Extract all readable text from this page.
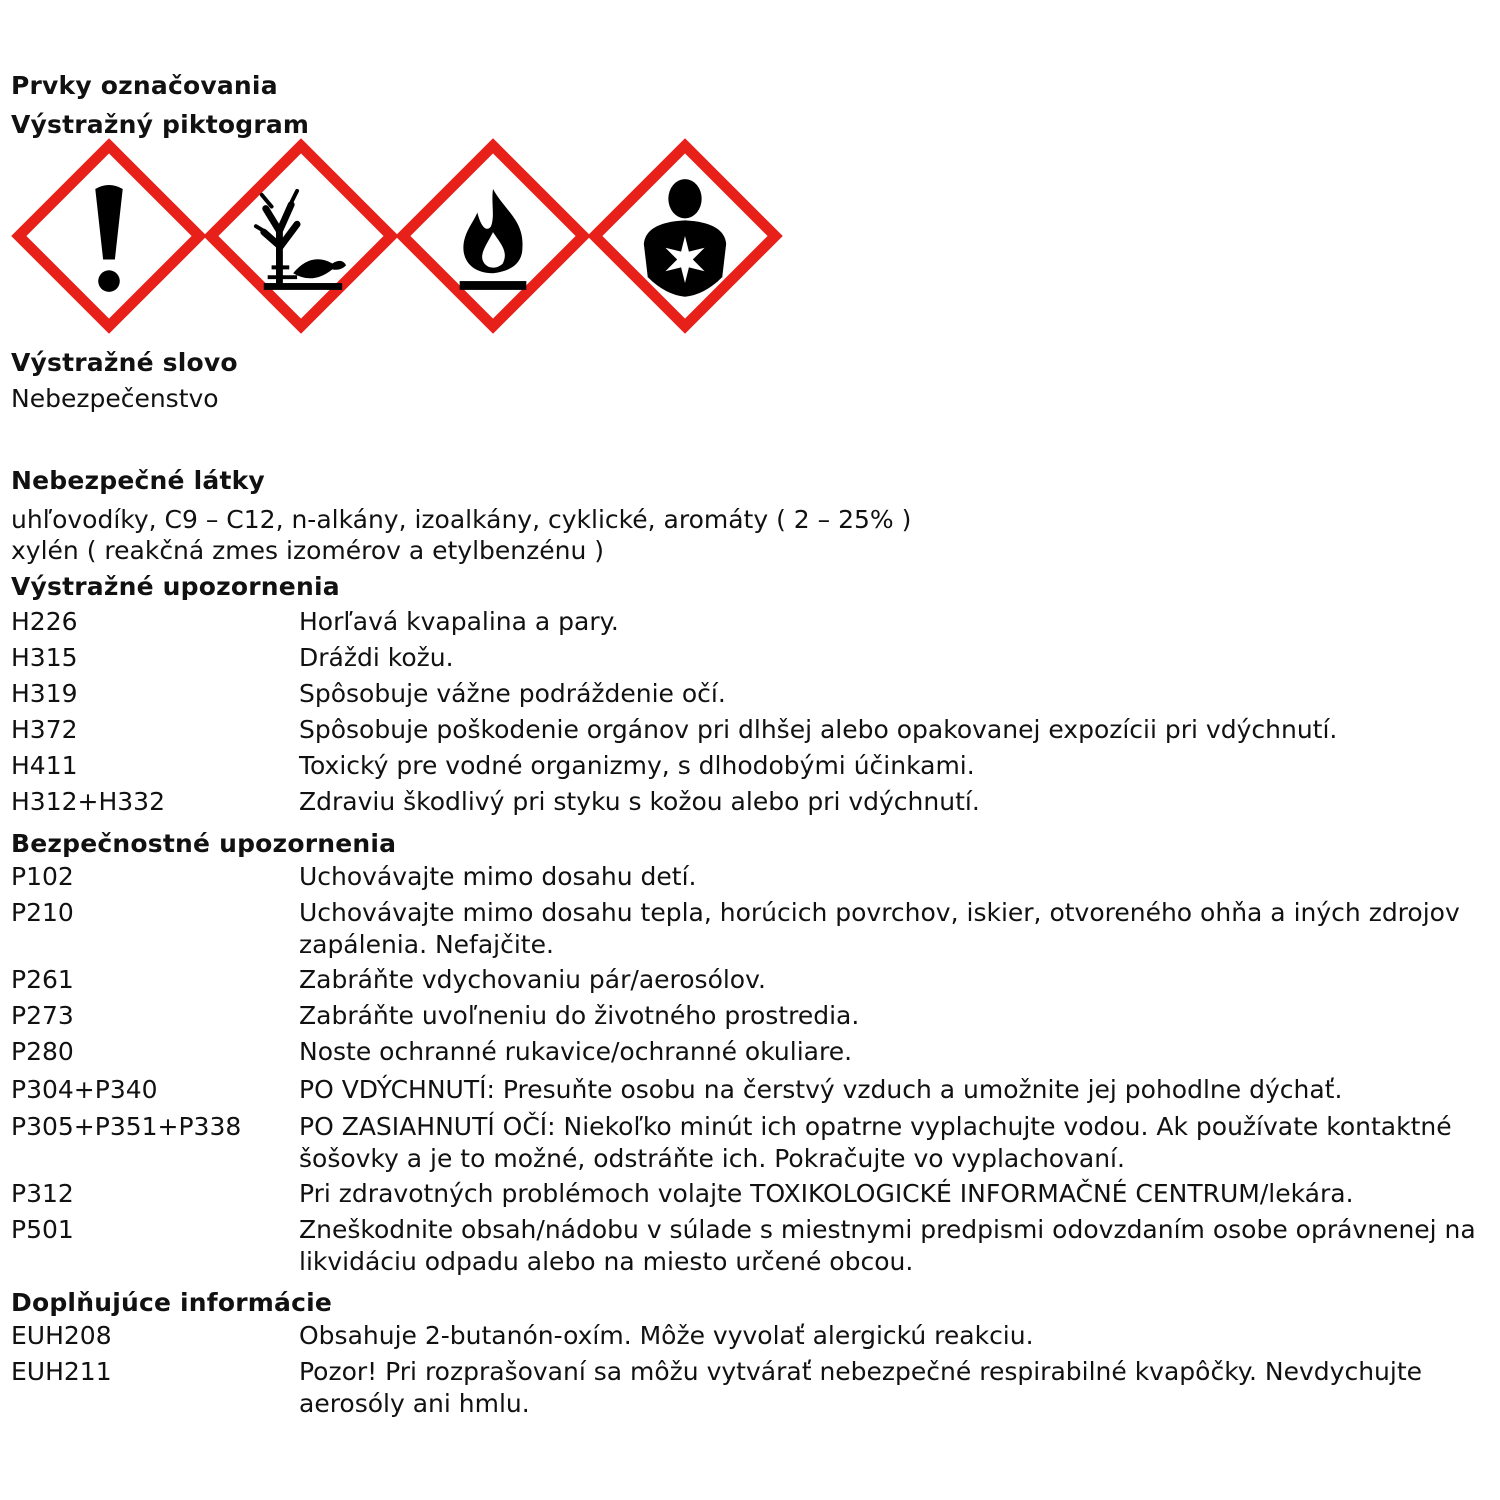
Prvky označovania

Výstražný piktogram

Výstražné slovo

Nebezpečenstvo

Nebezpečné látky

uhľovodíky, C9 – C12, n-alkány, izoalkány, cyklické, aromáty ( 2 – 25% )

xylén ( reakčná zmes izomérov a etylbenzénu )

Výstražné upozornenia

H226	Horľavá kvapalina a pary.
H315	Dráždi kožu.
H319	Spôsobuje vážne podráždenie očí.
H372	Spôsobuje poškodenie orgánov pri dlhšej alebo opakovanej expozícii pri vdýchnutí.
H411	Toxický pre vodné organizmy, s dlhodobými účinkami.
H312+H332	Zdraviu škodlivý pri styku s kožou alebo pri vdýchnutí.

Bezpečnostné upozornenia

P102	Uchovávajte mimo dosahu detí.
P210	Uchovávajte mimo dosahu tepla, horúcich povrchov, iskier, otvoreného ohňa a iných zdrojov zapálenia. Nefajčite.
P261	Zabráňte vdychovaniu pár/aerosólov.
P273	Zabráňte uvoľneniu do životného prostredia.
P280	Noste ochranné rukavice/ochranné okuliare.
P304+P340	PO VDÝCHNUTÍ: Presuňte osobu na čerstvý vzduch a umožnite jej pohodlne dýchať.
P305+P351+P338 PO ZASIAHNUTÍ OČÍ: Niekoľko minút ich opatrne vyplachujte vodou. Ak používate kontaktné šošovky a je to možné, odstráňte ich. Pokračujte vo vyplachovaní.
P312	Pri zdravotných problémoch volajte TOXIKOLOGICKÉ INFORMAČNÉ CENTRUM/lekára.
P501	Zneškodnite obsah/nádobu v súlade s miestnymi predpismi odovzdaním osobe oprávnenej na likvidáciu odpadu alebo na miesto určené obcou.

Doplňujúce informácie

EUH208	Obsahuje 2-butanón-oxím. Môže vyvolať alergickú reakciu.
EUH211	Pozor! Pri rozprašovaní sa môžu vytvárať nebezpečné respirabilné kvapôčky. Nevdychujte aerosóly ani hmlu.
